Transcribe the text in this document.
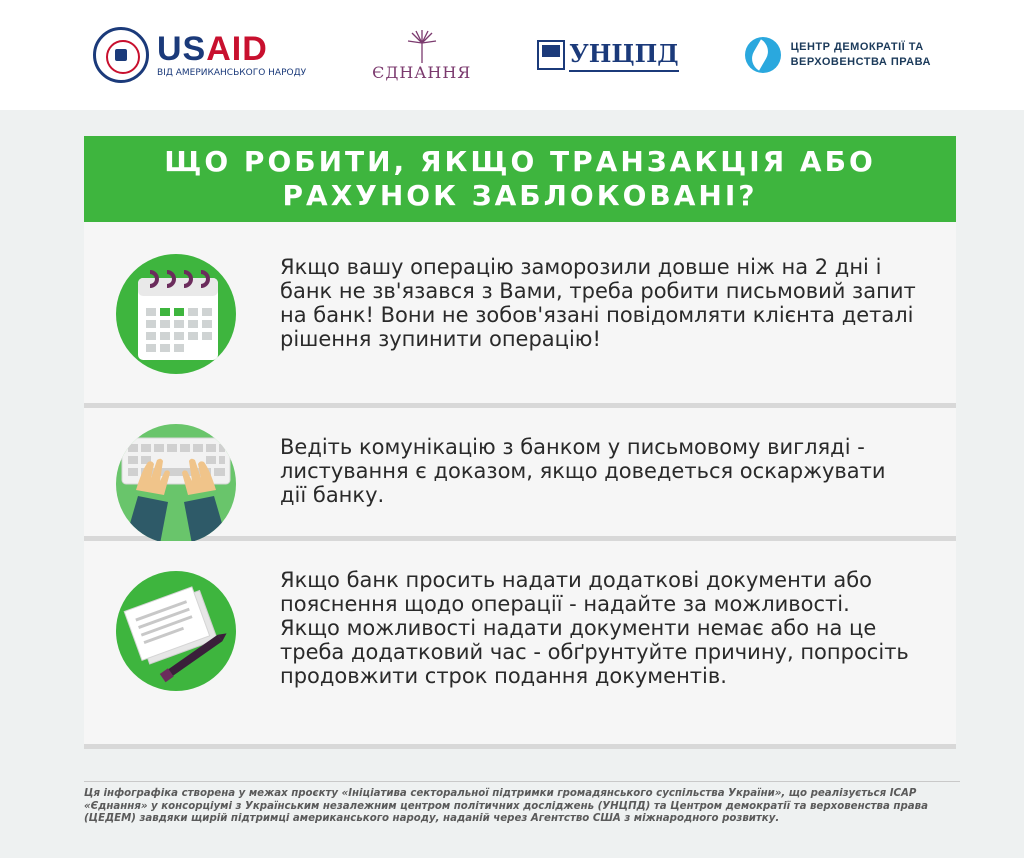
USAID
ВІД АМЕРИКАНСЬКОГО НАРОДУ	ЄДНАННЯ
УНЦПД	ЦЕНТР ДЕМОКРАТІЇ ТА
ВЕРХОВЕНСТВА ПРАВА
ЩО РОБИТИ, ЯКЩО ТРАНЗАКЦІЯ АБО РАХУНОК ЗАБЛОКОВАНІ?
Якщо вашу операцію заморозили довше ніж на 2 дні і банк не зв'язався з Вами, треба робити письмовий запит на банк! Вони не зобов'язані повідомляти клієнта деталі рішення зупинити операцію!
Ведіть комунікацію з банком у письмовому вигляді - листування є доказом, якщо доведеться оскаржувати дії банку.
Якщо банк просить надати додаткові документи або пояснення щодо операції - надайте за можливості. Якщо можливості надати документи немає або на це треба додатковий час - обґрунтуйте причину, попросіть продовжити строк подання документів.
Ця інфографіка створена у межах проєкту «Ініціатива секторальної підтримки громадянського суспільства України», що реалізується ІСАР «Єднання» у консорціумі з Українським незалежним центром політичних досліджень (УНЦПД) та Центром демократії та верховенства права (ЦЕДЕМ) завдяки щирій підтримці американського народу, наданій через Агентство США з міжнародного розвитку.
